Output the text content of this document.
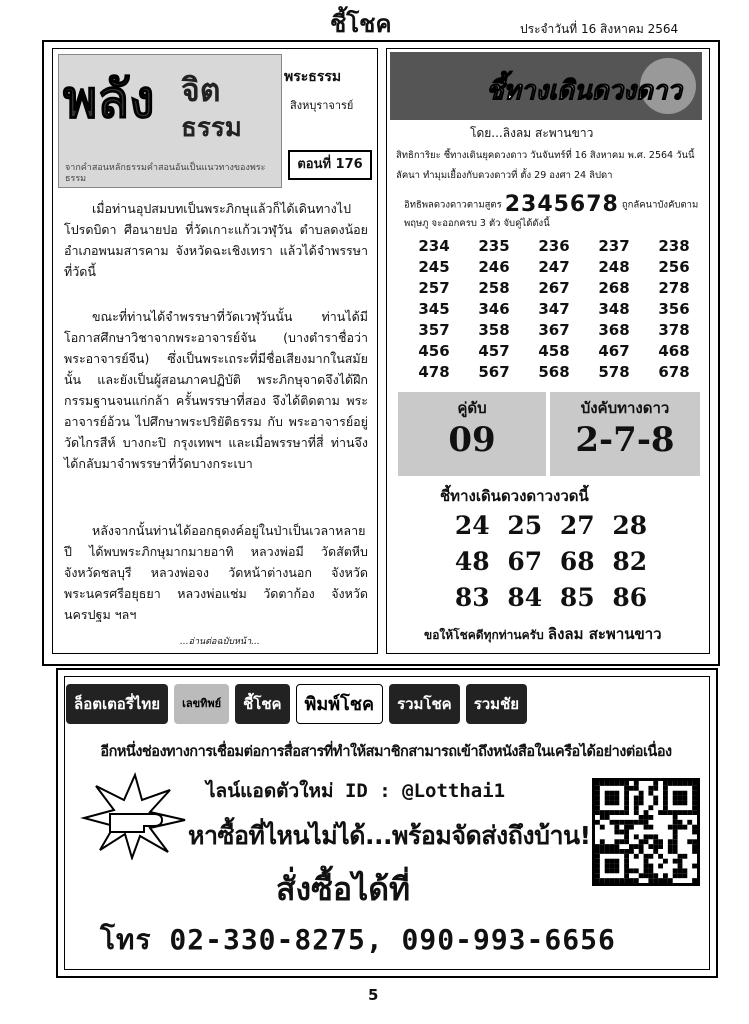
ชี้โชค	ประจำวันที่ 16 สิงหาคม 2564
พลัง จิต
ธรรม
จากคำสอนหลักธรรมคำสอนอันเป็นแนวทางของพระธรรม
พระธรรม
สิงหบุราจารย์
ตอนที่ 176

เมื่อท่านอุปสมบทเป็นพระภิกษุแล้วก็ได้เดินทางไปโปรดบิดา ศีอนายปอ ที่วัดเกาะแก้วเวฬุวัน ตำบลดงน้อย อำเภอพนมสารคาม จังหวัดฉะเชิงเทรา แล้วได้จำพรรษาที่วัดนี้

ขณะที่ท่านได้จำพรรษาที่วัดเวฬุวันนั้น ท่านได้มีโอกาสศึกษาวิชาจากพระอาจารย์จัน (บางตำราชื่อว่า พระอาจารย์จีน) ซึ่งเป็นพระเถระที่มีชื่อเสียงมากในสมัยนั้น และยังเป็นผู้สอนภาคปฏิบัติ พระภิกษุจาดจึงได้ฝึกกรรมฐานจนแก่กล้า ครั้นพรรษาที่สอง จึงได้ติดตาม พระอาจารย์อ้วน ไปศึกษาพระปริยัติธรรม กับ พระอาจารย์อยู่ วัดไกรสีห์ บางกะปิ กรุงเทพฯ และเมื่อพรรษาที่สี่ ท่านจึงได้กลับมาจำพรรษาที่วัดบางกระเบา

หลังจากนั้นท่านได้ออกธุดงค์อยู่ในป่าเป็นเวลาหลายปี ได้พบพระภิกษุมากมายอาทิ หลวงพ่อมี วัดสัตหีบ จังหวัดชลบุรี หลวงพ่อจง วัดหน้าต่างนอก จังหวัดพระนครศรีอยุธยา หลวงพ่อแช่ม วัดตาก้อง จังหวัดนครปฐม ฯลฯ

...อ่านต่อฉบับหน้า...
ชี้ทางเดินดวงดาว
โดย...ลิงลม สะพานขาว

สิทธิการิยะ ชี้ทางเดินยุคดวงดาว วันจันทร์ที่ 16 สิงหาคม พ.ศ. 2564 วันนี้ ลัคนา ทำมุมเยื้องกับดวงดาวที่ ตั้ง 29 องศา 24 ลิปดา

อิทธิพลดวงดาวตามสูตร 2345678 ถูกลัคนาบังคับตามพฤษภู จะออกครบ 3 ตัว จับคู่ได้ดังนี้

234	235	236	237	238
245	246	247	248	256
257	258	267	268	278
345	346	347	348	356
357	358	367	368	378
456	457	458	467	468
478	567	568	578	678
คู่ดับ
09
บังคับทางดาว
2-7-8
ชี้ทางเดินดวงดาวงวดนี้
24 25 27 28
48 67 68 82
83 84 85 86
ขอให้โชคดีทุกท่านครับ ลิงลม สะพานขาว
ล็อตเตอรี่ไทย	เลขทิพย์	ชี้โชค	พิมพ์โชค	รวมโชค	รวมชัย
อีกหนึ่งช่องทางการเชื่อมต่อการสื่อสารที่ทำให้สมาชิกสามารถเข้าถึงหนังสือในเครือได้อย่างต่อเนื่อง
ไลน์แอดตัวใหม่ ID : @Lotthai1
หาซื้อที่ไหนไม่ได้...พร้อมจัดส่งถึงบ้าน!
สั่งซื้อได้ที่
โทร 02-330-8275, 090-993-6656
5
